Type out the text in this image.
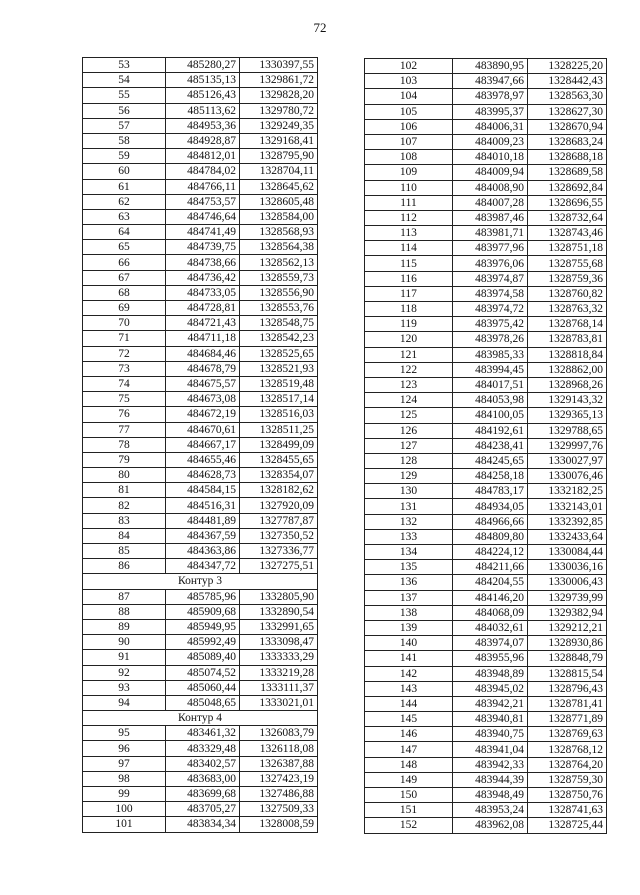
72
53	485280,27	1330397,55
54	485135,13	1329861,72
55	485126,43	1329828,20
56	485113,62	1329780,72
57	484953,36	1329249,35
58	484928,87	1329168,41
59	484812,01	1328795,90
60	484784,02	1328704,11
61	484766,11	1328645,62
62	484753,57	1328605,48
63	484746,64	1328584,00
64	484741,49	1328568,93
65	484739,75	1328564,38
66	484738,66	1328562,13
67	484736,42	1328559,73
68	484733,05	1328556,90
69	484728,81	1328553,76
70	484721,43	1328548,75
71	484711,18	1328542,23
72	484684,46	1328525,65
73	484678,79	1328521,93
74	484675,57	1328519,48
75	484673,08	1328517,14
76	484672,19	1328516,03
77	484670,61	1328511,25
78	484667,17	1328499,09
79	484655,46	1328455,65
80	484628,73	1328354,07
81	484584,15	1328182,62
82	484516,31	1327920,09
83	484481,89	1327787,87
84	484367,59	1327350,52
85	484363,86	1327336,77
86	484347,72	1327275,51
Контур 3		
87	485785,96	1332805,90
88	485909,68	1332890,54
89	485949,95	1332991,65
90	485992,49	1333098,47
91	485089,40	1333333,29
92	485074,52	1333219,28
93	485060,44	1333111,37
94	485048,65	1333021,01
Контур 4		
95	483461,32	1326083,79
96	483329,48	1326118,08
97	483402,57	1326387,88
98	483683,00	1327423,19
99	483699,68	1327486,88
100	483705,27	1327509,33
101	483834,34	1328008,59
102	483890,95	1328225,20
103	483947,66	1328442,43
104	483978,97	1328563,30
105	483995,37	1328627,30
106	484006,31	1328670,94
107	484009,23	1328683,24
108	484010,18	1328688,18
109	484009,94	1328689,58
110	484008,90	1328692,84
111	484007,28	1328696,55
112	483987,46	1328732,64
113	483981,71	1328743,46
114	483977,96	1328751,18
115	483976,06	1328755,68
116	483974,87	1328759,36
117	483974,58	1328760,82
118	483974,72	1328763,32
119	483975,42	1328768,14
120	483978,26	1328783,81
121	483985,33	1328818,84
122	483994,45	1328862,00
123	484017,51	1328968,26
124	484053,98	1329143,32
125	484100,05	1329365,13
126	484192,61	1329788,65
127	484238,41	1329997,76
128	484245,65	1330027,97
129	484258,18	1330076,46
130	484783,17	1332182,25
131	484934,05	1332143,01
132	484966,66	1332392,85
133	484809,80	1332433,64
134	484224,12	1330084,44
135	484211,66	1330036,16
136	484204,55	1330006,43
137	484146,20	1329739,99
138	484068,09	1329382,94
139	484032,61	1329212,21
140	483974,07	1328930,86
141	483955,96	1328848,79
142	483948,89	1328815,54
143	483945,02	1328796,43
144	483942,21	1328781,41
145	483940,81	1328771,89
146	483940,75	1328769,63
147	483941,04	1328768,12
148	483942,33	1328764,20
149	483944,39	1328759,30
150	483948,49	1328750,76
151	483953,24	1328741,63
152	483962,08	1328725,44
